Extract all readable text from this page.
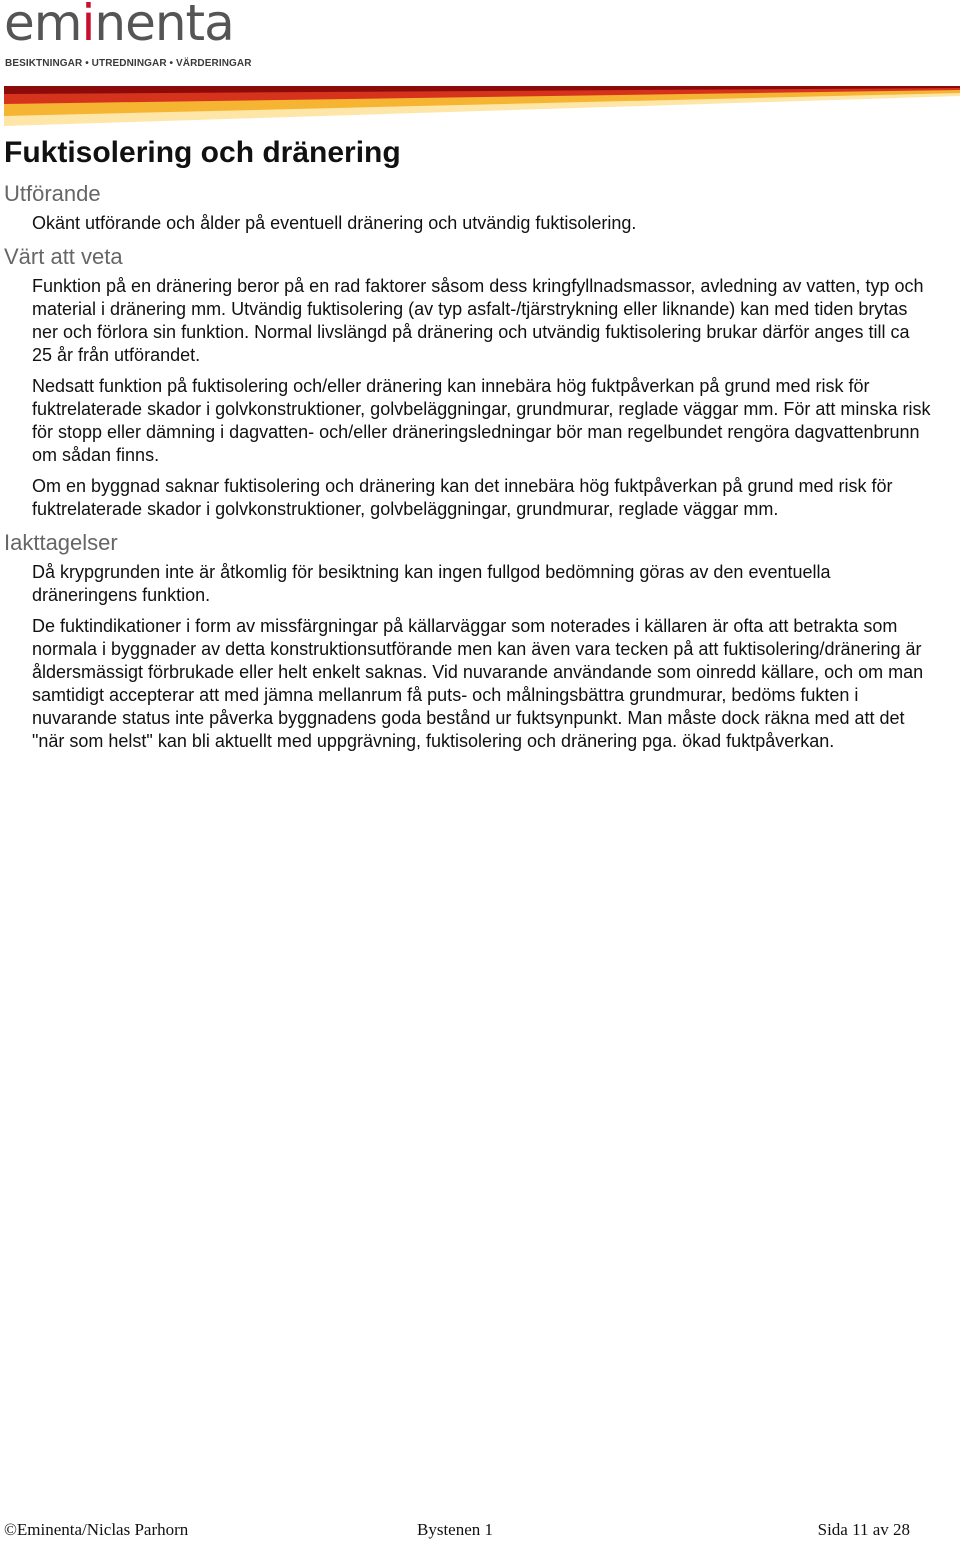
eminenta
BESIKTNINGAR • UTREDNINGAR • VÄRDERINGAR
Fuktisolering och dränering
Utförande

Okänt utförande och ålder på eventuell dränering och utvändig fuktisolering.

Värt att veta

Funktion på en dränering beror på en rad faktorer såsom dess kringfyllnadsmassor, avledning av vatten, typ och material i dränering mm. Utvändig fuktisolering (av typ asfalt-/tjärstrykning eller liknande) kan med tiden brytas ner och förlora sin funktion. Normal livslängd på dränering och utvändig fuktisolering brukar därför anges till ca 25 år från utförandet.

Nedsatt funktion på fuktisolering och/eller dränering kan innebära hög fuktpåverkan på grund med risk för fuktrelaterade skador i golvkonstruktioner, golvbeläggningar, grundmurar, reglade väggar mm. För att minska risk för stopp eller dämning i dagvatten- och/eller dräneringsledningar bör man regelbundet rengöra dagvattenbrunn om sådan finns.

Om en byggnad saknar fuktisolering och dränering kan det innebära hög fuktpåverkan på grund med risk för fuktrelaterade skador i golvkonstruktioner, golvbeläggningar, grundmurar, reglade väggar mm.

Iakttagelser

Då krypgrunden inte är åtkomlig för besiktning kan ingen fullgod bedömning göras av den eventuella dräneringens funktion.

De fuktindikationer i form av missfärgningar på källarväggar som noterades i källaren är ofta att betrakta som normala i byggnader av detta konstruktionsutförande men kan även vara tecken på att fuktisolering/dränering är åldersmässigt förbrukade eller helt enkelt saknas. Vid nuvarande användande som oinredd källare, och om man samtidigt accepterar att med jämna mellanrum få puts- och målningsbättra grundmurar, bedöms fukten i nuvarande status inte påverka byggnadens goda bestånd ur fuktsynpunkt. Man måste dock räkna med att det "när som helst" kan bli aktuellt med uppgrävning, fuktisolering och dränering pga. ökad fuktpåverkan.

©Eminenta/Niclas Parhorn	Bystenen 1	Sida 11 av 28
